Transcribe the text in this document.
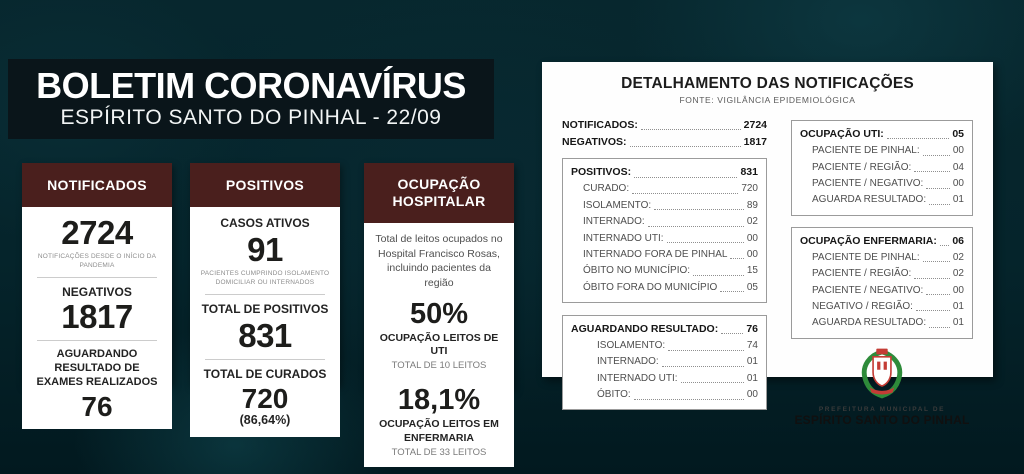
BOLETIM CORONAVÍRUS
ESPÍRITO SANTO DO PINHAL - 22/09
NOTIFICADOS
2724
NOTIFICAÇÕES DESDE O INÍCIO DA PANDEMIA
NEGATIVOS
1817
AGUARDANDO RESULTADO DE EXAMES REALIZADOS
76
POSITIVOS
CASOS ATIVOS
91
PACIENTES CUMPRINDO ISOLAMENTO DOMICILIAR OU INTERNADOS
TOTAL DE POSITIVOS
831
TOTAL DE CURADOS
720
(86,64%)
OCUPAÇÃO HOSPITALAR
Total de leitos ocupados no Hospital Francisco Rosas, incluindo pacientes da região
50%
OCUPAÇÃO LEITOS DE UTI
TOTAL DE 10 LEITOS
18,1%
OCUPAÇÃO LEITOS EM ENFERMARIA
TOTAL DE 33 LEITOS
DETALHAMENTO DAS NOTIFICAÇÕES
FONTE: VIGILÂNCIA EPIDEMIOLÓGICA
NOTIFICADOS:	2724
NEGATIVOS:	1817
POSITIVOS:	831
CURADO:	720
ISOLAMENTO:	89
INTERNADO:	02
INTERNADO UTI:	00
INTERNADO FORA DE PINHAL 00
ÓBITO NO MUNICÍPIO:	15
ÓBITO FORA DO MUNICÍPIO	05
AGUARDANDO RESULTADO:	76
ISOLAMENTO:	74
INTERNADO:	01
INTERNADO UTI:	01
ÓBITO:	00
OCUPAÇÃO UTI:	05
PACIENTE DE PINHAL:	00
PACIENTE / REGIÃO:	04
PACIENTE / NEGATIVO:	00
AGUARDA RESULTADO:	01
OCUPAÇÃO ENFERMARIA: 06
PACIENTE DE PINHAL:	02
PACIENTE / REGIÃO:	02
PACIENTE / NEGATIVO:	00
NEGATIVO / REGIÃO:	01
AGUARDA RESULTADO:	01
PREFEITURA MUNICIPAL DE
ESPÍRITO SANTO DO PINHAL
